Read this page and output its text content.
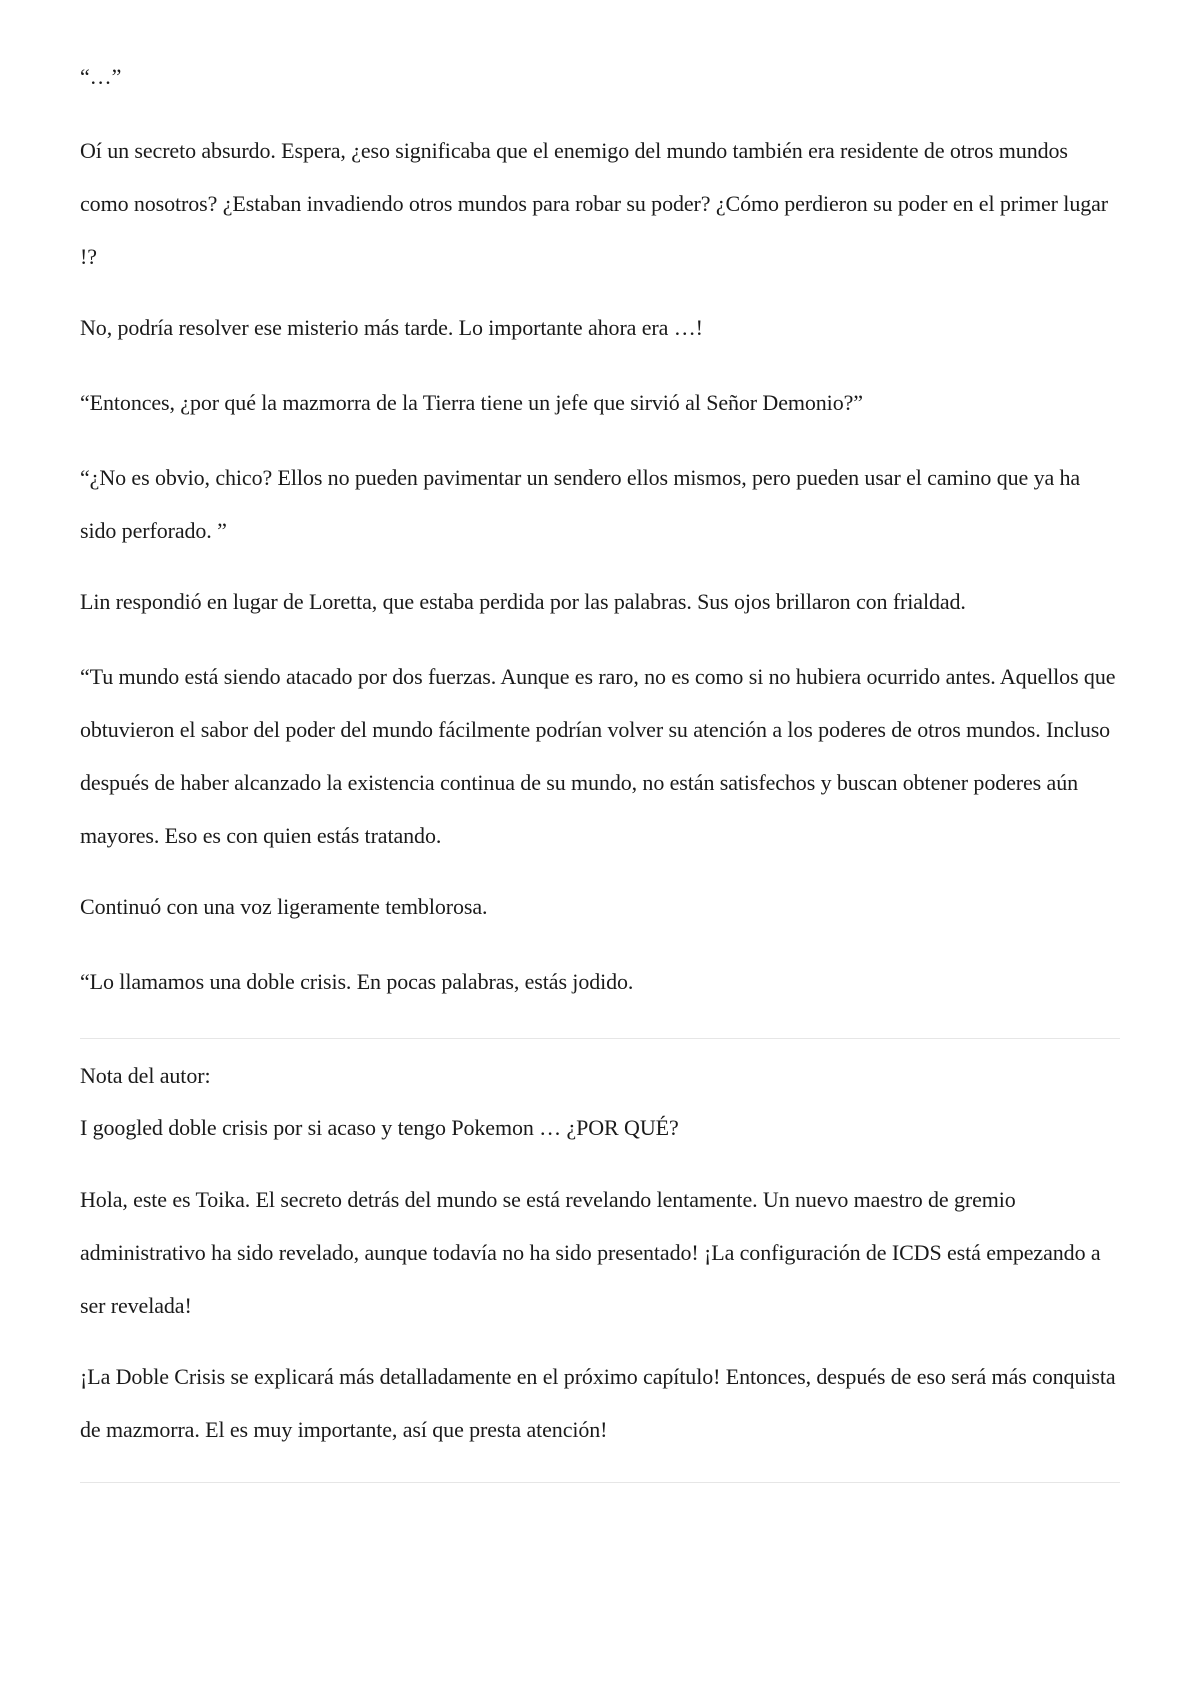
“…”

Oí un secreto absurdo. Espera, ¿eso significaba que el enemigo del mundo también era residente de otros mundos como nosotros? ¿Estaban invadiendo otros mundos para robar su poder? ¿Cómo perdieron su poder en el primer lugar !?

No, podría resolver ese misterio más tarde. Lo importante ahora era …!

“Entonces, ¿por qué la mazmorra de la Tierra tiene un jefe que sirvió al Señor Demonio?”

“¿No es obvio, chico? Ellos no pueden pavimentar un sendero ellos mismos, pero pueden usar el camino que ya ha sido perforado. ”

Lin respondió en lugar de Loretta, que estaba perdida por las palabras. Sus ojos brillaron con frialdad.

“Tu mundo está siendo atacado por dos fuerzas. Aunque es raro, no es como si no hubiera ocurrido antes. Aquellos que obtuvieron el sabor del poder del mundo fácilmente podrían volver su atención a los poderes de otros mundos. Incluso después de haber alcanzado la existencia continua de su mundo, no están satisfechos y buscan obtener poderes aún mayores. Eso es con quien estás tratando.

Continuó con una voz ligeramente temblorosa.

“Lo llamamos una doble crisis. En pocas palabras, estás jodido.

Nota del autor:

I googled doble crisis por si acaso y tengo Pokemon … ¿POR QUÉ?

Hola, este es Toika. El secreto detrás del mundo se está revelando lentamente. Un nuevo maestro de gremio administrativo ha sido revelado, aunque todavía no ha sido presentado! ¡La configuración de ICDS está empezando a ser revelada!

¡La Doble Crisis se explicará más detalladamente en el próximo capítulo! Entonces, después de eso será más conquista de mazmorra. El es muy importante, así que presta atención!
